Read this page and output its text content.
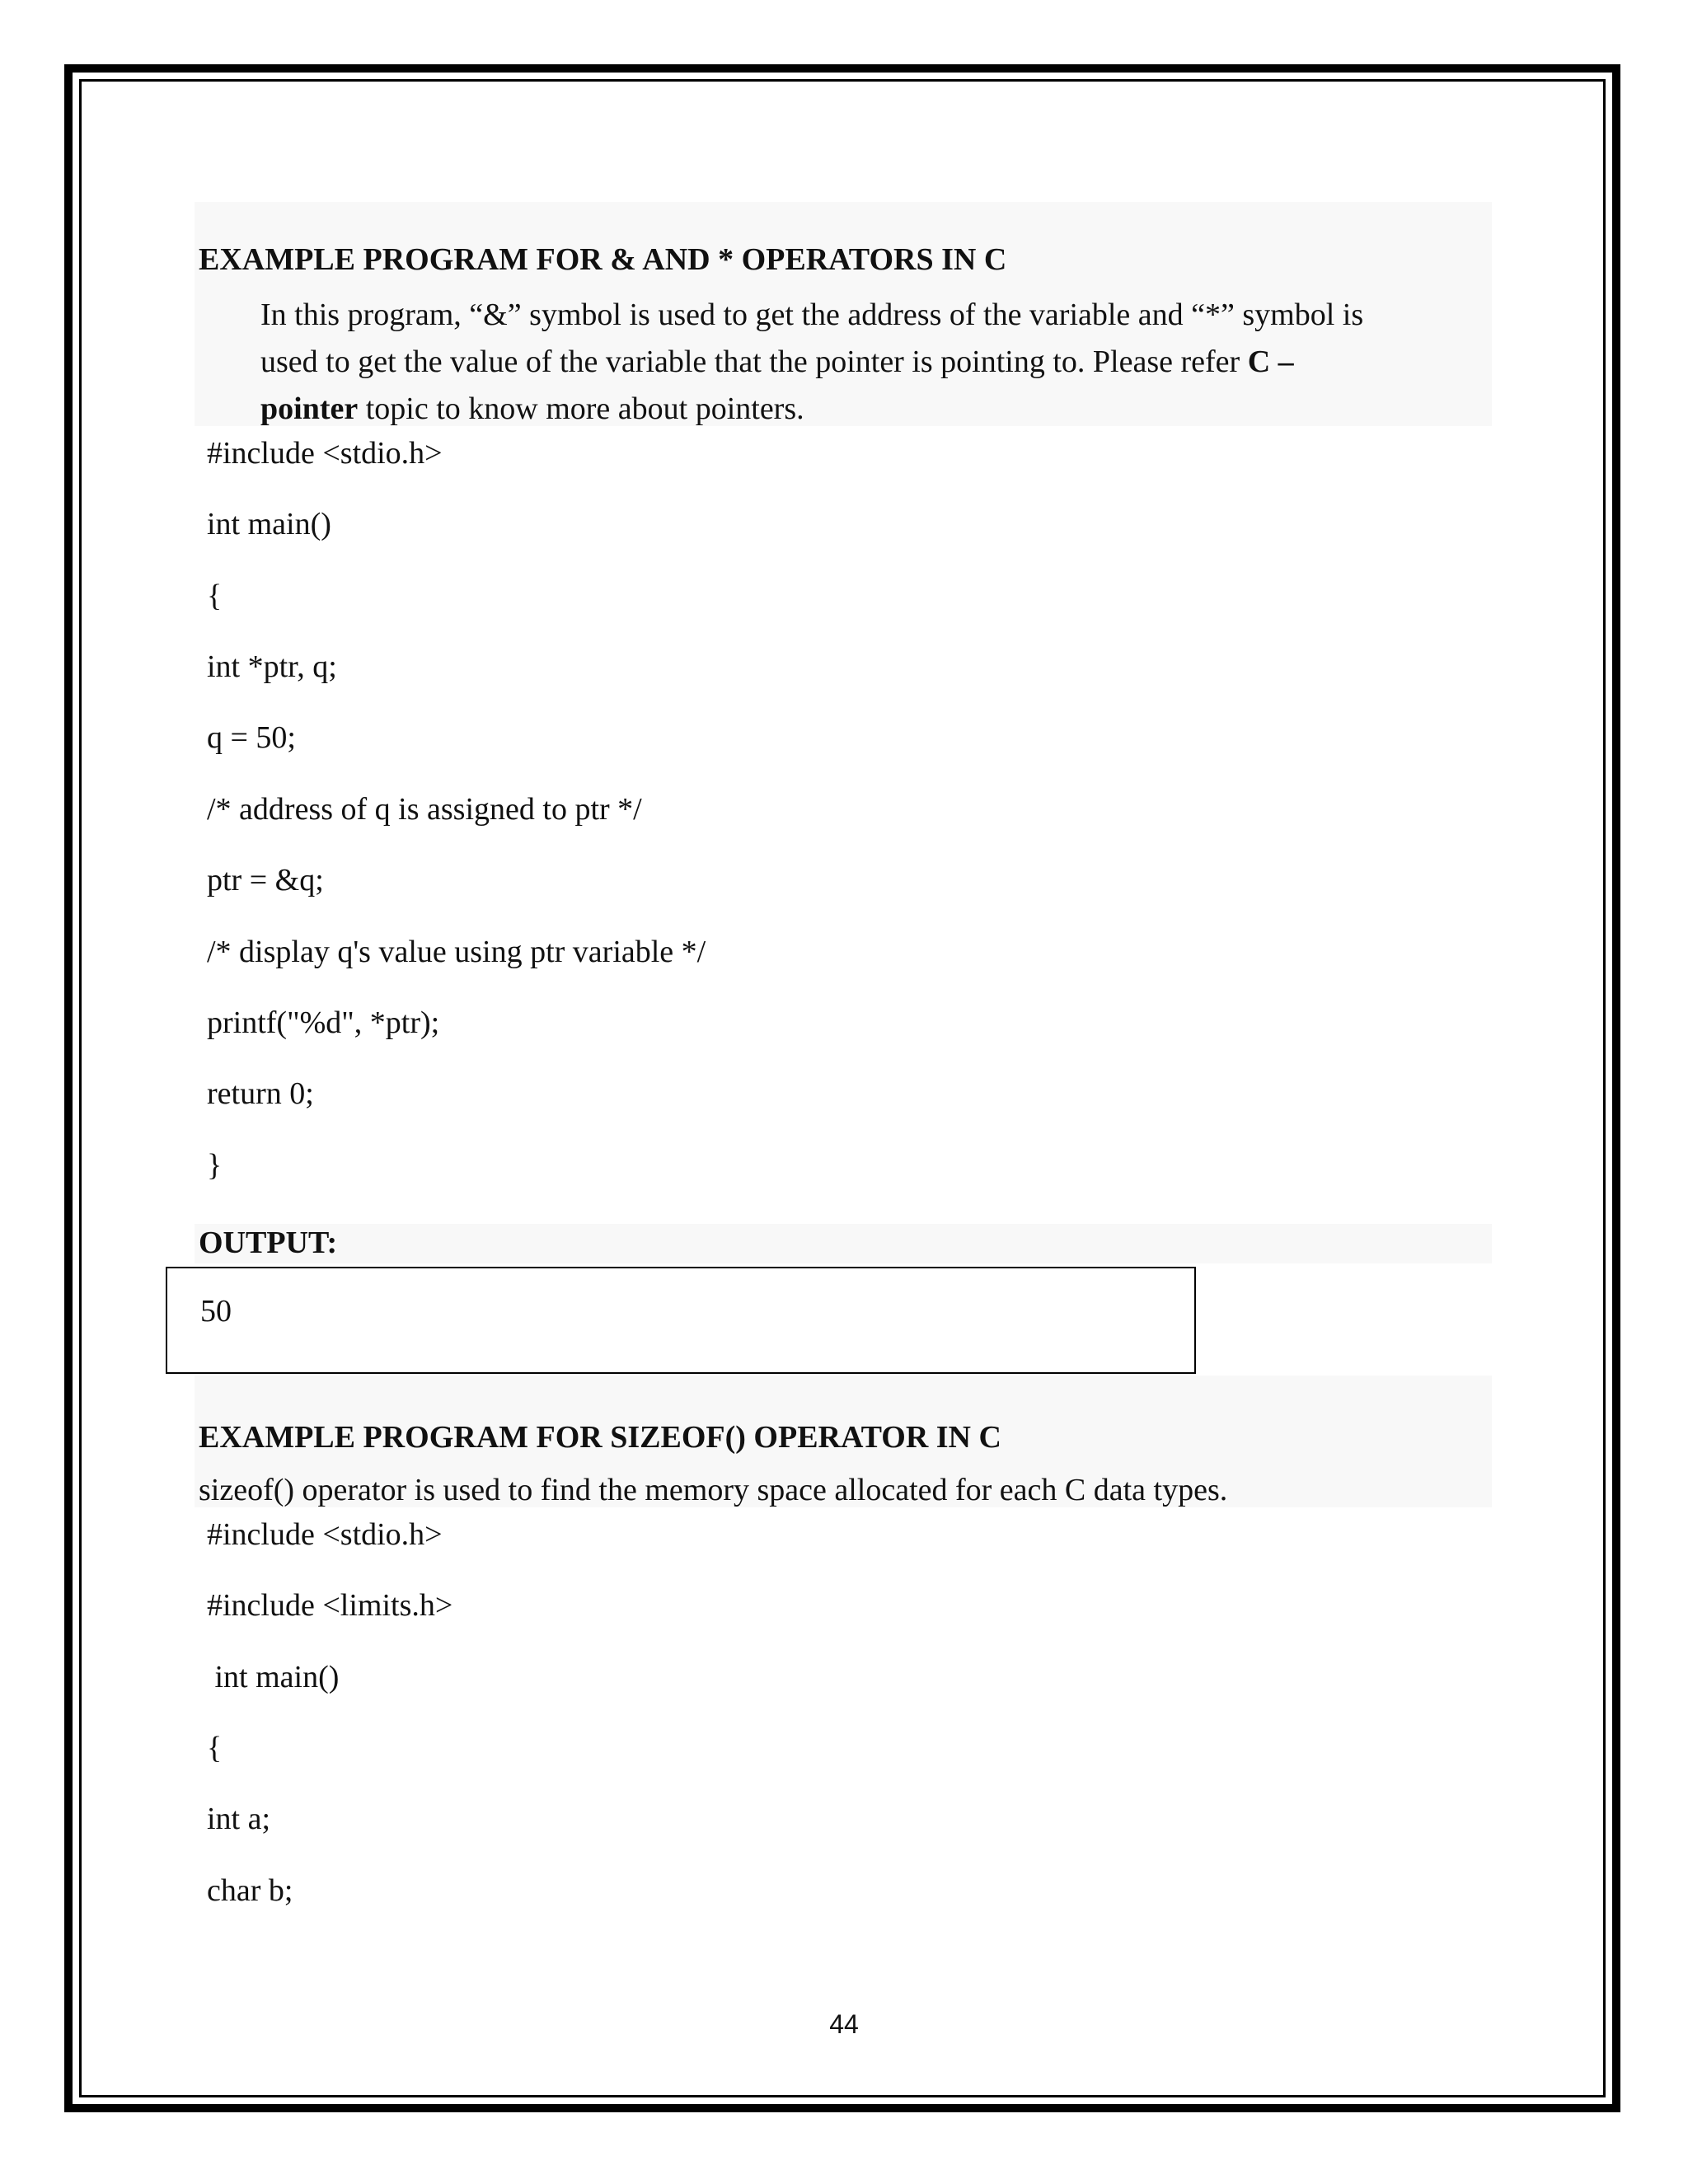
EXAMPLE PROGRAM FOR & AND * OPERATORS IN C
In this program, “&” symbol is used to get the address of the variable and “*” symbol is
used to get the value of the variable that the pointer is pointing to. Please refer C –
pointer topic to know more about pointers.
#include <stdio.h>
int main()
{
int *ptr, q;
q = 50;
/* address of q is assigned to ptr */
ptr = &q;
/* display q's value using ptr variable */
printf("%d", *ptr);
return 0;
}
OUTPUT:
50
EXAMPLE PROGRAM FOR SIZEOF() OPERATOR IN C
sizeof() operator is used to find the memory space allocated for each C data types.
#include <stdio.h>
#include <limits.h>
int main()
{
int a;
char b;
44
